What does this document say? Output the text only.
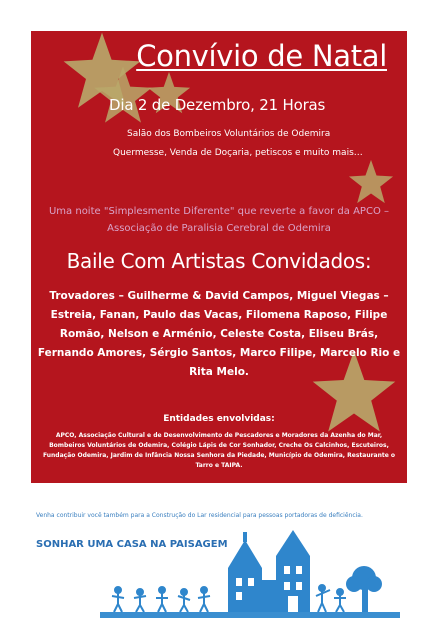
Convívio de Natal
Dia 2 de Dezembro, 21 Horas
Salão dos Bombeiros Voluntários de Odemira
Quermesse, Venda de Doçaria, petiscos e muito mais…
Uma noite "Simplesmente Diferente" que reverte a favor da APCO – Associação de Paralisia Cerebral de Odemira
Baile Com Artistas Convidados:
Trovadores – Guilherme & David Campos, Miguel Viegas – Estreia, Fanan, Paulo das Vacas, Filomena Raposo, Filipe Romão, Nelson e Arménio, Celeste Costa, Eliseu Brás, Fernando Amores, Sérgio Santos, Marco Filipe, Marcelo Rio e Rita Melo.
Entidades envolvidas:
APCO, Associação Cultural e de Desenvolvimento de Pescadores e Moradores da Azenha do Mar, Bombeiros Voluntários de Odemira, Colégio Lápis de Cor Sonhador, Creche Os Calcinhos, Escuteiros, Fundação Odemira, Jardim de Infância Nossa Senhora da Piedade, Município de Odemira, Restaurante o Tarro e TAIPA.
Venha contribuir você também para a Construção do Lar residencial para pessoas portadoras de deficiência.
SONHAR UMA CASA NA PAISAGEM
